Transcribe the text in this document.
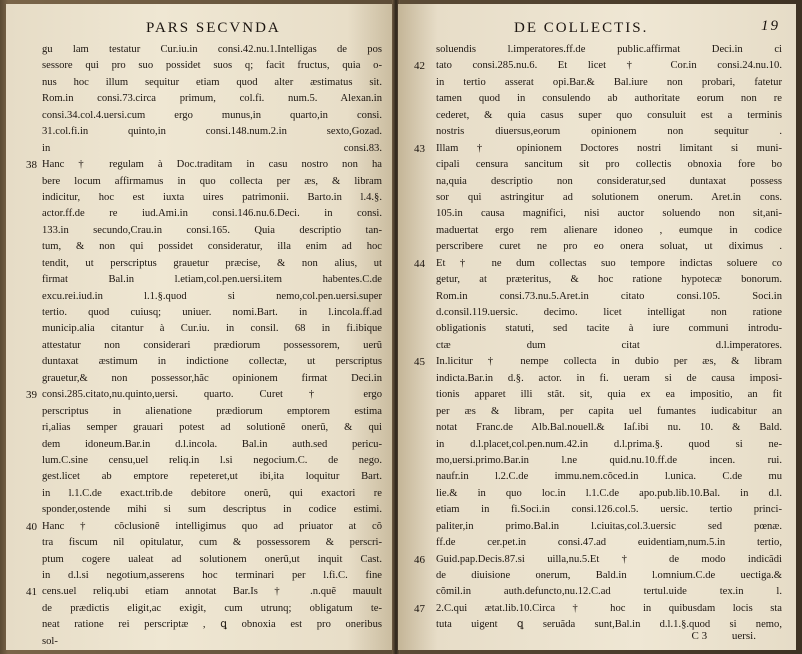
PARS SECVNDA
gu lam testatur Cur.iu.in consi.42.nu.1.Intelligas de pos
sessore qui pro suo possidet suos q; facit fructus, quia o-
nus hoc illum sequitur etiam quod alter æstimatus sit.
Rom.in consi.73.circa primum, col.fi. num.5. Alexan.in
consi.34.col.4.uersi.cum ergo munus,in quarto,in consi.
31.col.fi.in quinto,in consi.148.num.2.in sexto,Gozad.
in consi.83.
38 Hanc † regulam à Doc.traditam in casu nostro non ha
bere locum affirmamus in quo collecta per æs, & libram
indicitur, hoc est iuxta uires patrimonii. Barto.in l.4.§.
actor.ff.de re iud.Ami.in consi.146.nu.6.Deci. in consi.
133.in secundo,Crau.in consi.165. Quia descriptio tan-
tum, & non qui possidet consideratur, illa enim ad hoc
tendit, ut perscriptus grauetur præcise, & non alius, ut
firmat Bal.in l.etiam,col.pen.uersi.item habentes.C.de
excu.rei.iud.in l.1.§.quod si nemo,col.pen.uersi.super
tertio. quod cuiusq; uniuer. nomi.Bart. in l.incola.ff.ad
municip.alia citantur à Cur.iu. in consil. 68 in fi.ibique
attestatur non considerari prædiorum possessorem, uerũ
duntaxat æstimum in indictione collectæ, ut perscriptus
grauetur,& non possessor,hãc opinionem firmat Deci.in
39 consi.285.citato,nu.quinto,uersi. quarto. Curet † ergo
perscriptus in alienatione prædiorum emptorem estima
ri,alias semper grauari potest ad solutionẽ onerũ, & qui
dem idoneum.Bar.in d.l.incola. Bal.in auth.sed pericu-
lum.C.sine censu,uel reliq.in l.si negocium.C. de nego.
gest.licet ab emptore repeteret,ut ibi,ita loquitur Bart.
in l.1.C.de exact.trib.de debitore onerũ, qui exactori re
sponder,ostende mihi si sum descriptus in codice estimi.
40 Hanc † cõclusionẽ intelligimus quo ad priuator at cõ
tra fiscum nil opitulatur, cum & possessorem & perscri-
ptum cogere ualeat ad solutionem onerũ,ut inquit Cast.
in d.l.si negotium,asserens hoc terminari per l.fi.C. fine
41 cens.uel reliq.ubi etiam annotat Bar.Is † .n.quẽ mauult
de prædictis eligit,ac exigit, cum utrunq; obligatum te-
neat ratione rei perscriptæ , ꝗ obnoxia est pro oneribus
sol-
DE COLLECTIS.	19
soluendis l.imperatores.ff.de public.affirmat Deci.in ci
42 tato consi.285.nu.6. Et licet † Cor.in consi.24.nu.10.
in tertio asserat opi.Bar.& Bal.iure non probari, fatetur
tamen quod in consulendo ab authoritate eorum non re
cederet, & quia casus super quo consuluit est a terminis
nostris diuersus,eorum opinionem non sequitur .
43 Illam † opinionem Doctores nostri limitant si muni-
cipali censura sancitum sit pro collectis obnoxia fore bo
na,quia descriptio non consideratur,sed duntaxat possess
sor qui astringitur ad solutionem onerum. Aret.in cons.
105.in causa magnifici, nisi auctor soluendo non sit,ani-
maduertat ergo rem alienare idoneo , eumque in codice
perscribere curet ne pro eo onera soluat, ut diximus .
44 Et † ne dum collectas suo tempore indictas soluere co
getur, at præteritus, & hoc ratione hypotecæ bonorum.
Rom.in consi.73.nu.5.Aret.in citato consi.105. Soci.in
d.consil.119.uersic. decimo. licet intelligat non ratione
obligationis statuti, sed tacite à iure communi introdu-
ctæ dum citat d.l.imperatores.
45 In.licitur † nempe collecta in dubio per æs, & libram
indicta.Bar.in d.§. actor. in fi. ueram si de causa imposi-
tionis apparet illi stãt. sit, quia ex ea impositio, an fit
per æs & libram, per capita uel fumantes iudicabitur an
notat Franc.de Alb.Bal.nouell.& Iaſ.ibi nu. 10. & Bald.
in d.l.placet,col.pen.num.42.in d.l.prima.§. quod si ne-
mo,uersi.primo.Bar.in l.ne quid.nu.10.ff.de incen. rui.
naufr.in l.2.C.de immu.nem.cõced.in l.unica. C.de mu
lie.& in quo loc.in l.1.C.de apo.pub.lib.10.Bal. in d.l.
etiam in fi.Soci.in consi.126.col.5. uersic. tertio princi-
paliter,in primo.Bal.in l.ciuitas,col.3.uersic sed pœnæ.
ff.de cer.pet.in consi.47.ad euidentiam,num.5.in tertio,
46 Guid.pap.Decis.87.si uilla,nu.5.Et † de modo indicãdi
de diuisione onerum, Bald.in l.omnium.C.de uectiga.&
cõmil.in auth.defuncto,nu.12.C.ad tertul.uide tex.in l.
47 2.C.qui ætat.lib.10.Circa † hoc in quibusdam locis sta
tuta uigent ꝗ seruãda sunt,Bal.in d.l.1.§.quod si nemo,
C 3 uersi.
